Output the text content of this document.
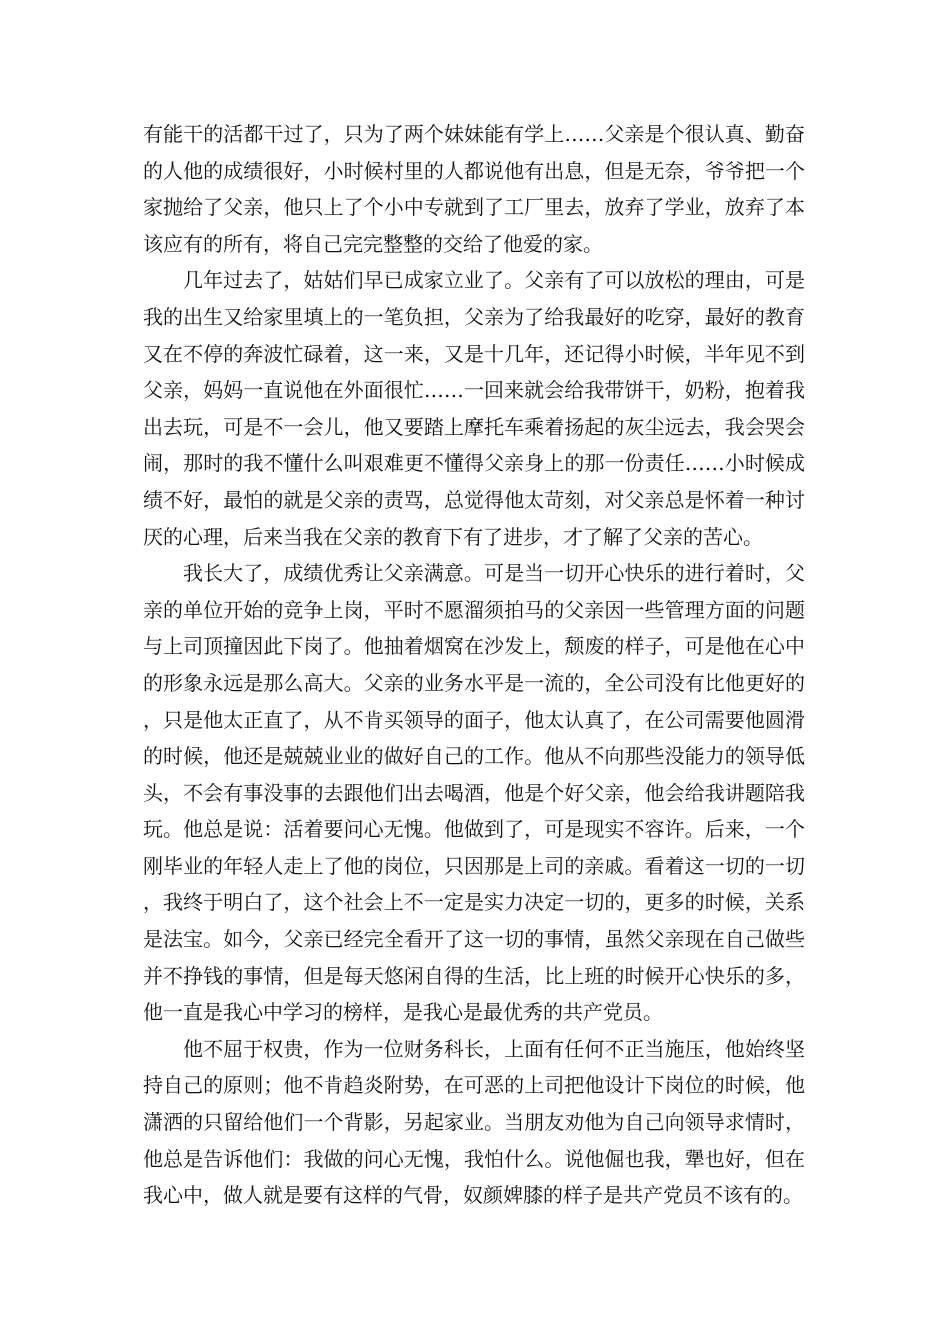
有能干的活都干过了，只为了两个妹妹能有学上……父亲是个很认真、勤奋的人他的成绩很好，小时候村里的人都说他有出息，但是无奈，爷爷把一个家抛给了父亲，他只上了个小中专就到了工厂里去，放弃了学业，放弃了本该应有的所有，将自己完完整整的交给了他爱的家。

几年过去了，姑姑们早已成家立业了。父亲有了可以放松的理由，可是我的出生又给家里填上的一笔负担，父亲为了给我最好的吃穿，最好的教育又在不停的奔波忙碌着，这一来，又是十几年，还记得小时候，半年见不到父亲，妈妈一直说他在外面很忙……一回来就会给我带饼干，奶粉，抱着我出去玩，可是不一会儿，他又要踏上摩托车乘着扬起的灰尘远去，我会哭会闹，那时的我不懂什么叫艰难更不懂得父亲身上的那一份责任……小时候成绩不好，最怕的就是父亲的责骂，总觉得他太苛刻，对父亲总是怀着一种讨厌的心理，后来当我在父亲的教育下有了进步，才了解了父亲的苦心。

我长大了，成绩优秀让父亲满意。可是当一切开心快乐的进行着时，父亲的单位开始的竞争上岗，平时不愿溜须拍马的父亲因一些管理方面的问题与上司顶撞因此下岗了。他抽着烟窝在沙发上，颓废的样子，可是他在心中的形象永远是那么高大。父亲的业务水平是一流的，全公司没有比他更好的，只是他太正直了，从不肯买领导的面子，他太认真了，在公司需要他圆滑的时候，他还是兢兢业业的做好自己的工作。他从不向那些没能力的领导低头，不会有事没事的去跟他们出去喝酒，他是个好父亲，他会给我讲题陪我玩。他总是说：活着要问心无愧。他做到了，可是现实不容许。后来，一个刚毕业的年轻人走上了他的岗位，只因那是上司的亲戚。看着这一切的一切，我终于明白了，这个社会上不一定是实力决定一切的，更多的时候，关系是法宝。如今，父亲已经完全看开了这一切的事情，虽然父亲现在自己做些并不挣钱的事情，但是每天悠闲自得的生活，比上班的时候开心快乐的多，他一直是我心中学习的榜样，是我心是最优秀的共产党员。

他不屈于权贵，作为一位财务科长，上面有任何不正当施压，他始终坚持自己的原则；他不肯趋炎附势，在可恶的上司把他设计下岗位的时候，他潇洒的只留给他们一个背影，另起家业。当朋友劝他为自己向领导求情时，他总是告诉他们：我做的问心无愧，我怕什么。说他倔也我，犟也好，但在我心中，做人就是要有这样的气骨，奴颜婢膝的样子是共产党员不该有的。
